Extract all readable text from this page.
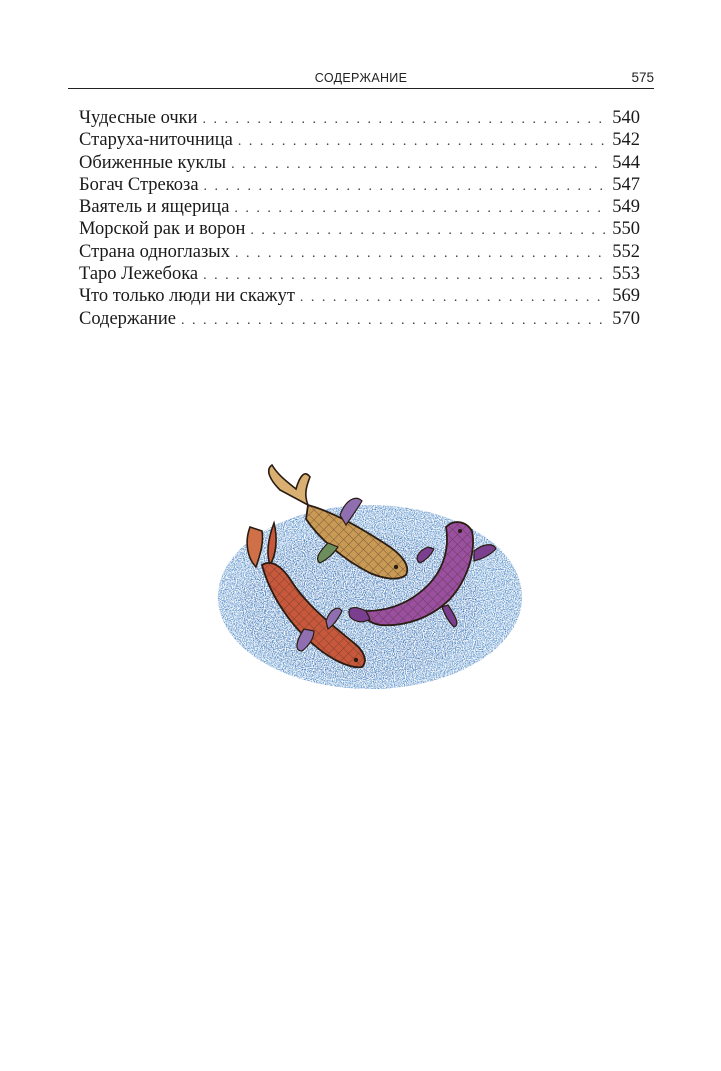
СОДЕРЖАНИЕ	575
Чудесные очки . . .	540
Старуха-ниточница . . .	542
Обиженные куклы . . .	544
Богач Стрекоза . . .	547
Ваятель и ящерица . . .	549
Морской рак и ворон . . .	550
Страна одноглазых . . .	552
Таро Лежебока . . .	553
Что только люди ни скажут . . .	569
Содержание . . .	570
